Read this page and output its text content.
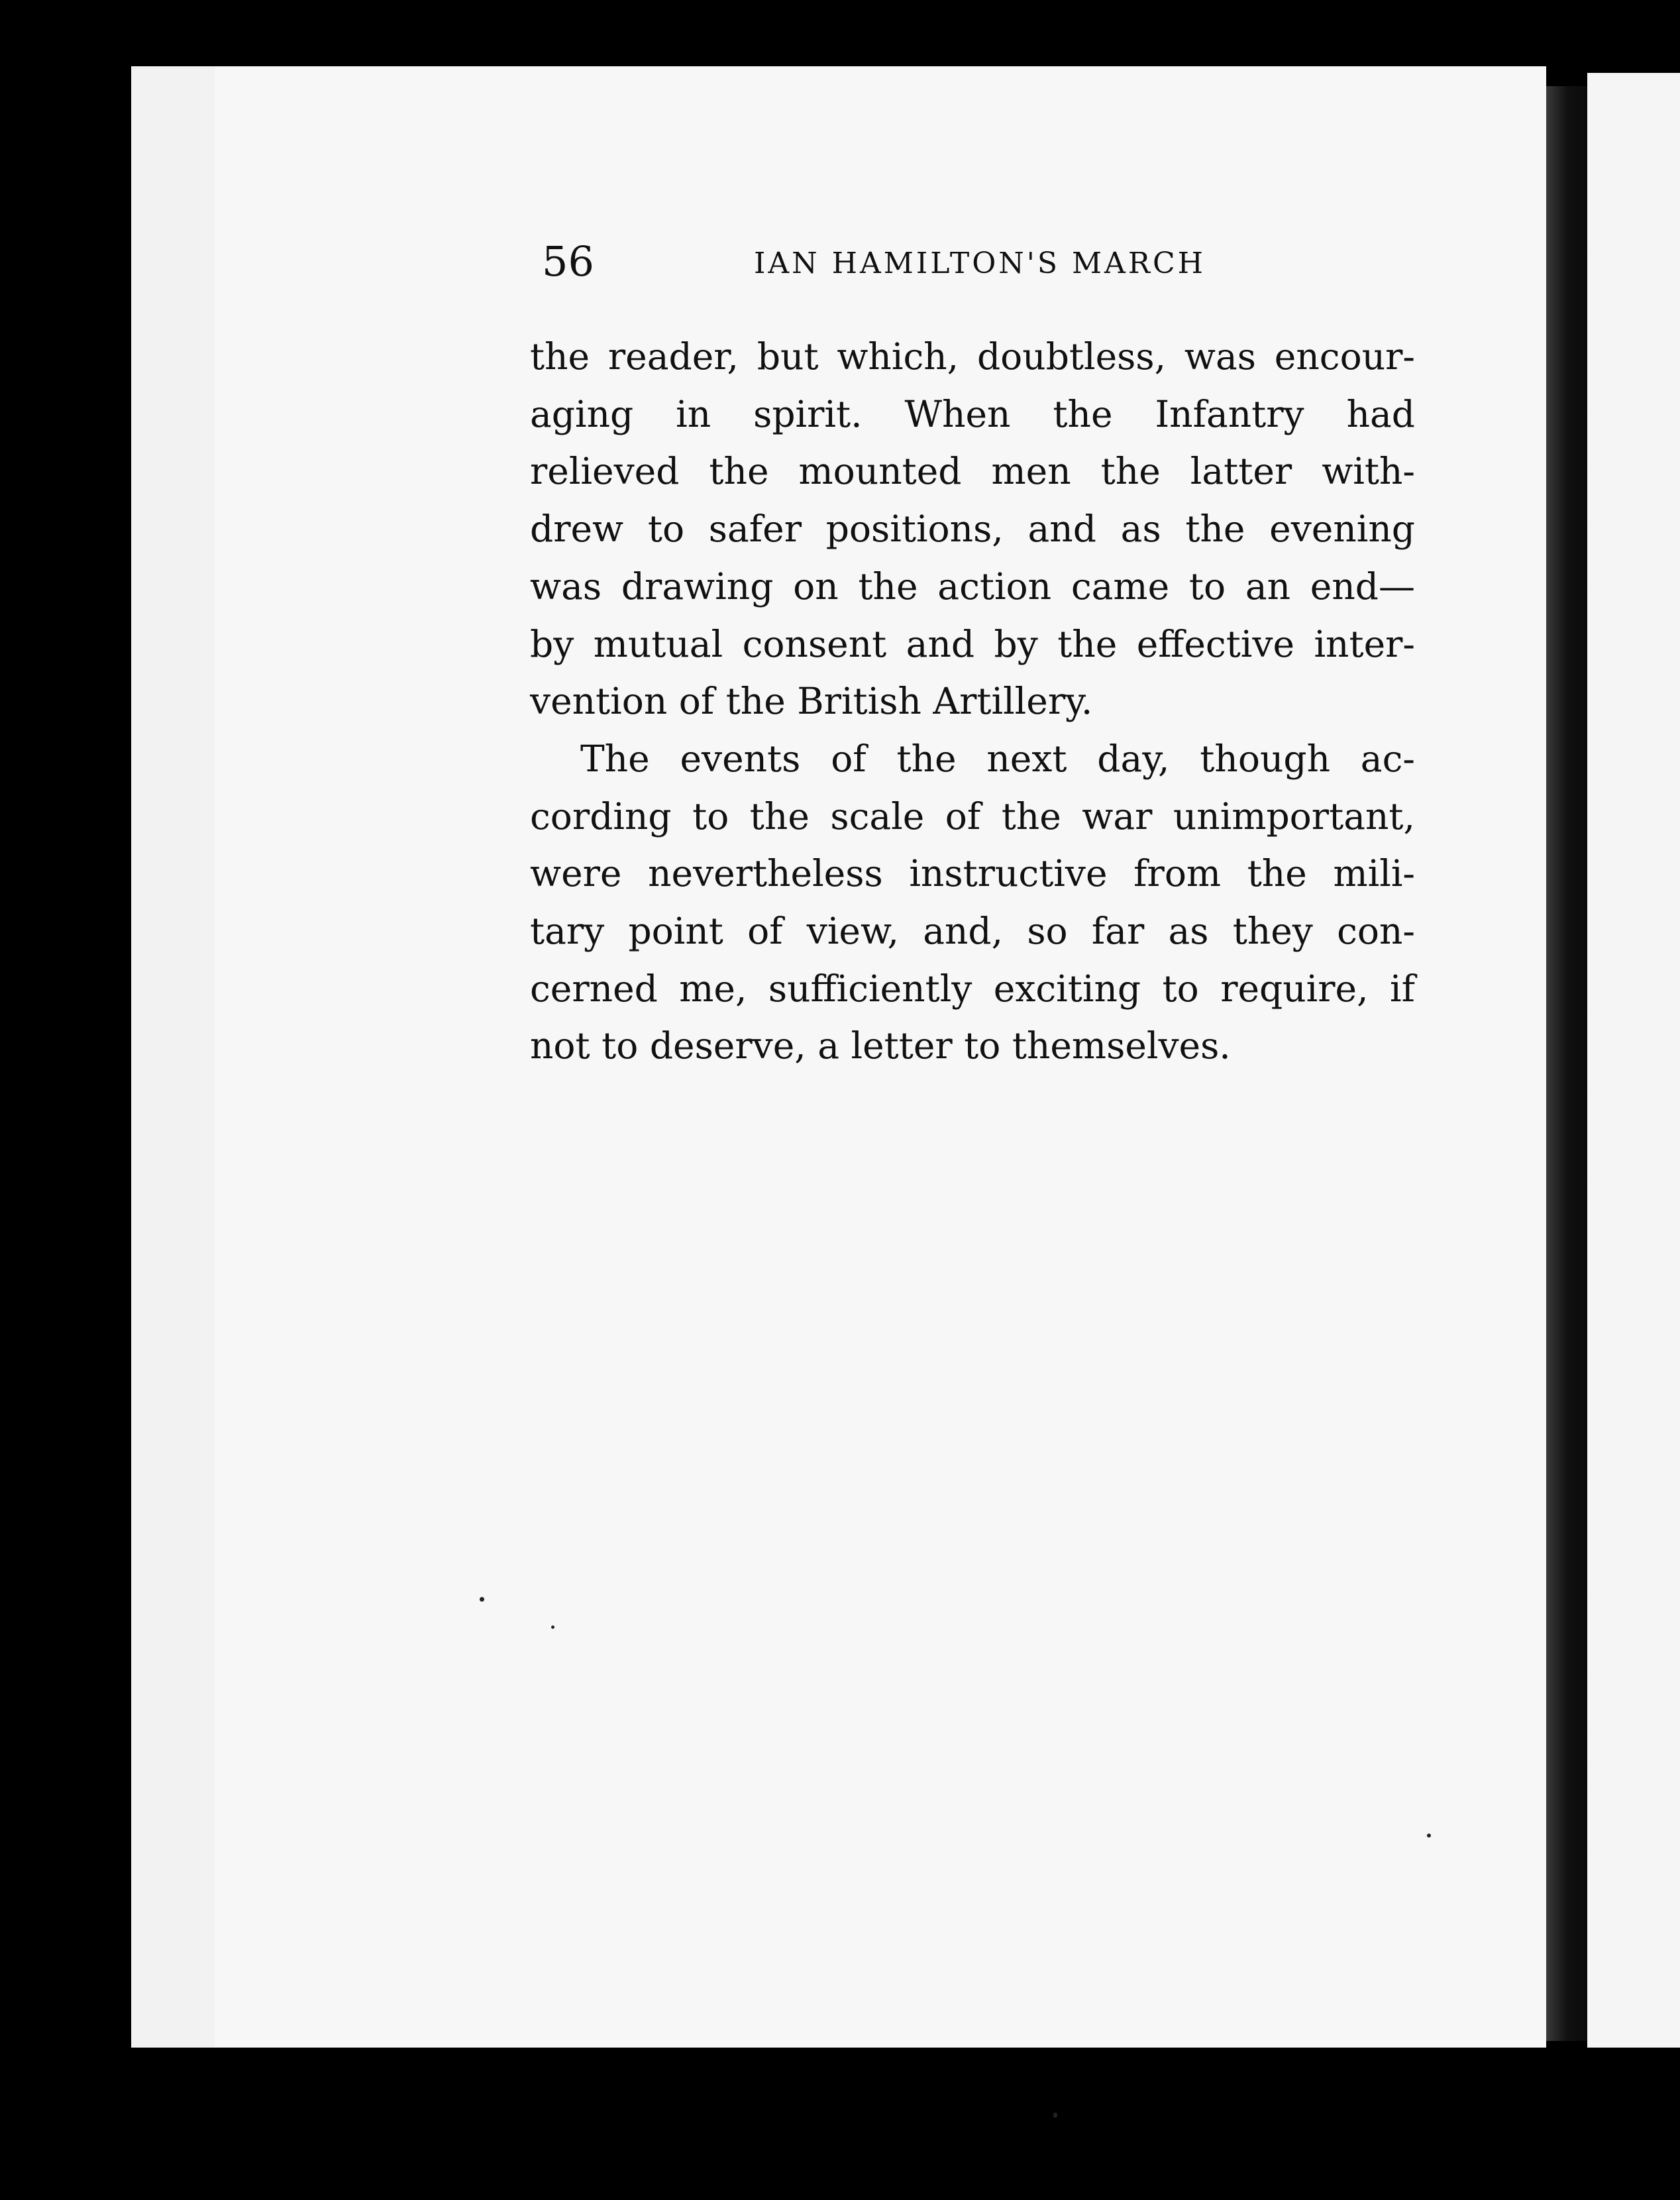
56	IAN HAMILTON'S MARCH
the reader, but which, doubtless, was encour-
aging in spirit. When the Infantry had
relieved the mounted men the latter with-
drew to safer positions, and as the evening
was drawing on the action came to an end—
by mutual consent and by the effective inter-
vention of the British Artillery.
The events of the next day, though ac-
cording to the scale of the war unimportant,
were nevertheless instructive from the mili-
tary point of view, and, so far as they con-
cerned me, sufficiently exciting to require, if
not to deserve, a letter to themselves.
